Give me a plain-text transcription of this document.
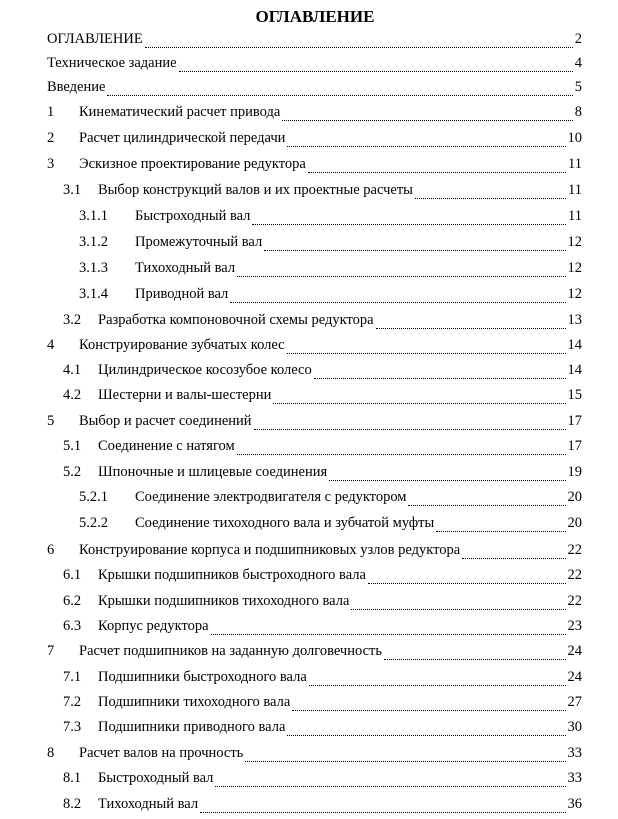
ОГЛАВЛЕНИЕ
ОГЛАВЛЕНИЕ	2
Техническое задание	4
Введение	5
1	Кинематический расчет привода	8
2	Расчет цилиндрической передачи	10
3	Эскизное проектирование редуктора	11
3.1	Выбор конструкций валов и их проектные расчеты	11
3.1.1	Быстроходный вал	11
3.1.2	Промежуточный вал	12
3.1.3	Тихоходный вал	12
3.1.4	Приводной вал	12
3.2	Разработка компоновочной схемы редуктора	13
4	Конструирование зубчатых колес	14
4.1	Цилиндрическое косозубое колесо	14
4.2	Шестерни и валы-шестерни	15
5	Выбор и расчет соединений	17
5.1	Соединение с натягом	17
5.2	Шпоночные и шлицевые соединения	19
5.2.1	Соединение электродвигателя с редуктором	20
5.2.2	Соединение тихоходного вала и зубчатой муфты	20
6	Конструирование корпуса и подшипниковых узлов редуктора	22
6.1	Крышки подшипников быстроходного вала	22
6.2	Крышки подшипников тихоходного вала	22
6.3	Корпус редуктора	23
7	Расчет подшипников на заданную долговечность	24
7.1	Подшипники быстроходного вала	24
7.2	Подшипники тихоходного вала	27
7.3	Подшипники приводного вала	30
8	Расчет валов на прочность	33
8.1	Быстроходный вал	33
8.2	Тихоходный вал	36
